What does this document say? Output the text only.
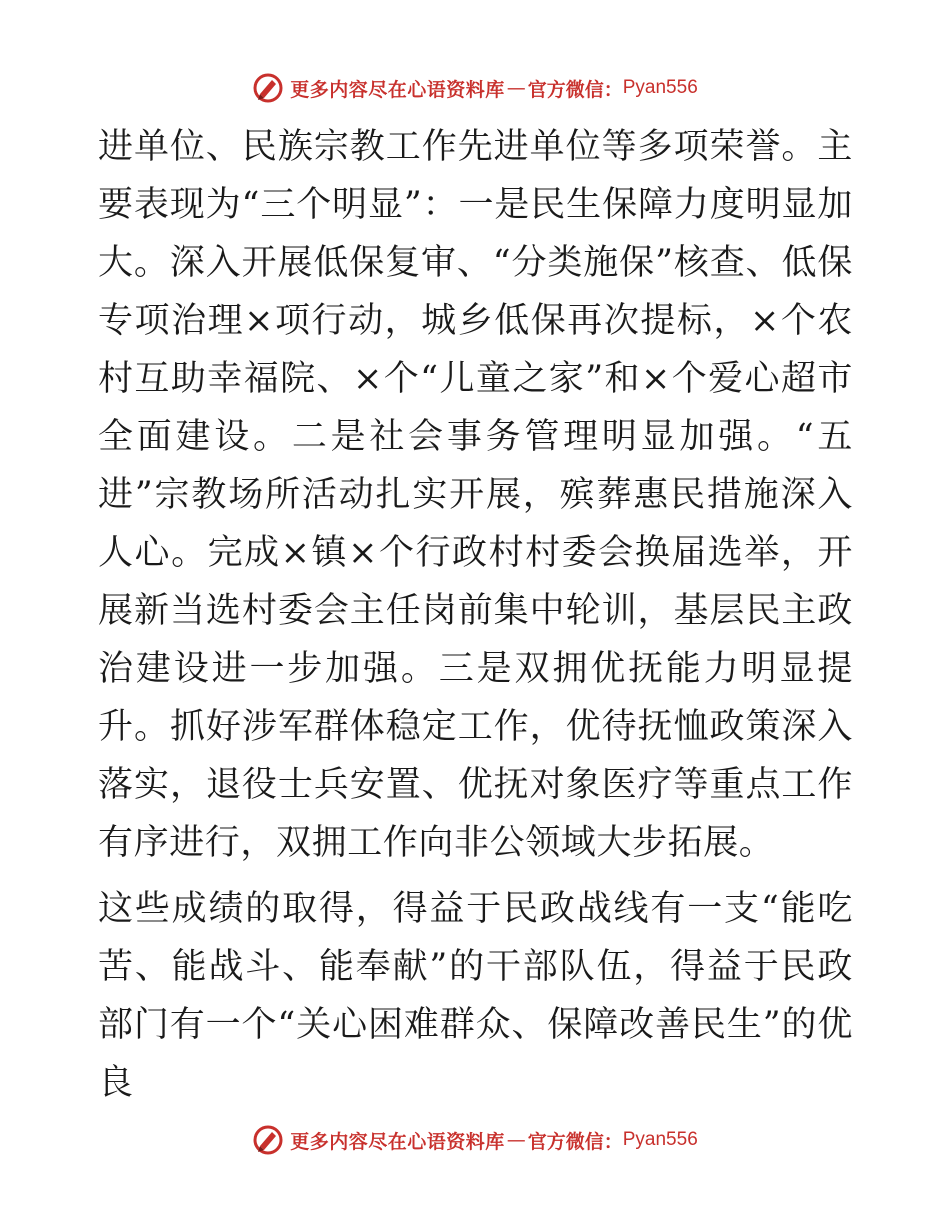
更多内容尽在心语资料库 — 官方微信： Pyan556

进单位、民族宗教工作先进单位等多项荣誉。主要表现为“三个明显”：一是民生保障力度明显加大。深入开展低保复审、“分类施保”核查、低保专项治理×项行动，城乡低保再次提标，×个农村互助幸福院、×个“儿童之家”和×个爱心超市全面建设。二是社会事务管理明显加强。“五进”宗教场所活动扎实开展，殡葬惠民措施深入人心。完成×镇×个行政村村委会换届选举，开展新当选村委会主任岗前集中轮训，基层民主政治建设进一步加强。三是双拥优抚能力明显提升。抓好涉军群体稳定工作，优待抚恤政策深入落实，退役士兵安置、优抚对象医疗等重点工作有序进行，双拥工作向非公领域大步拓展。

这些成绩的取得，得益于民政战线有一支“能吃苦、能战斗、能奉献”的干部队伍，得益于民政部门有一个“关心困难群众、保障改善民生”的优良

更多内容尽在心语资料库 — 官方微信： Pyan556
